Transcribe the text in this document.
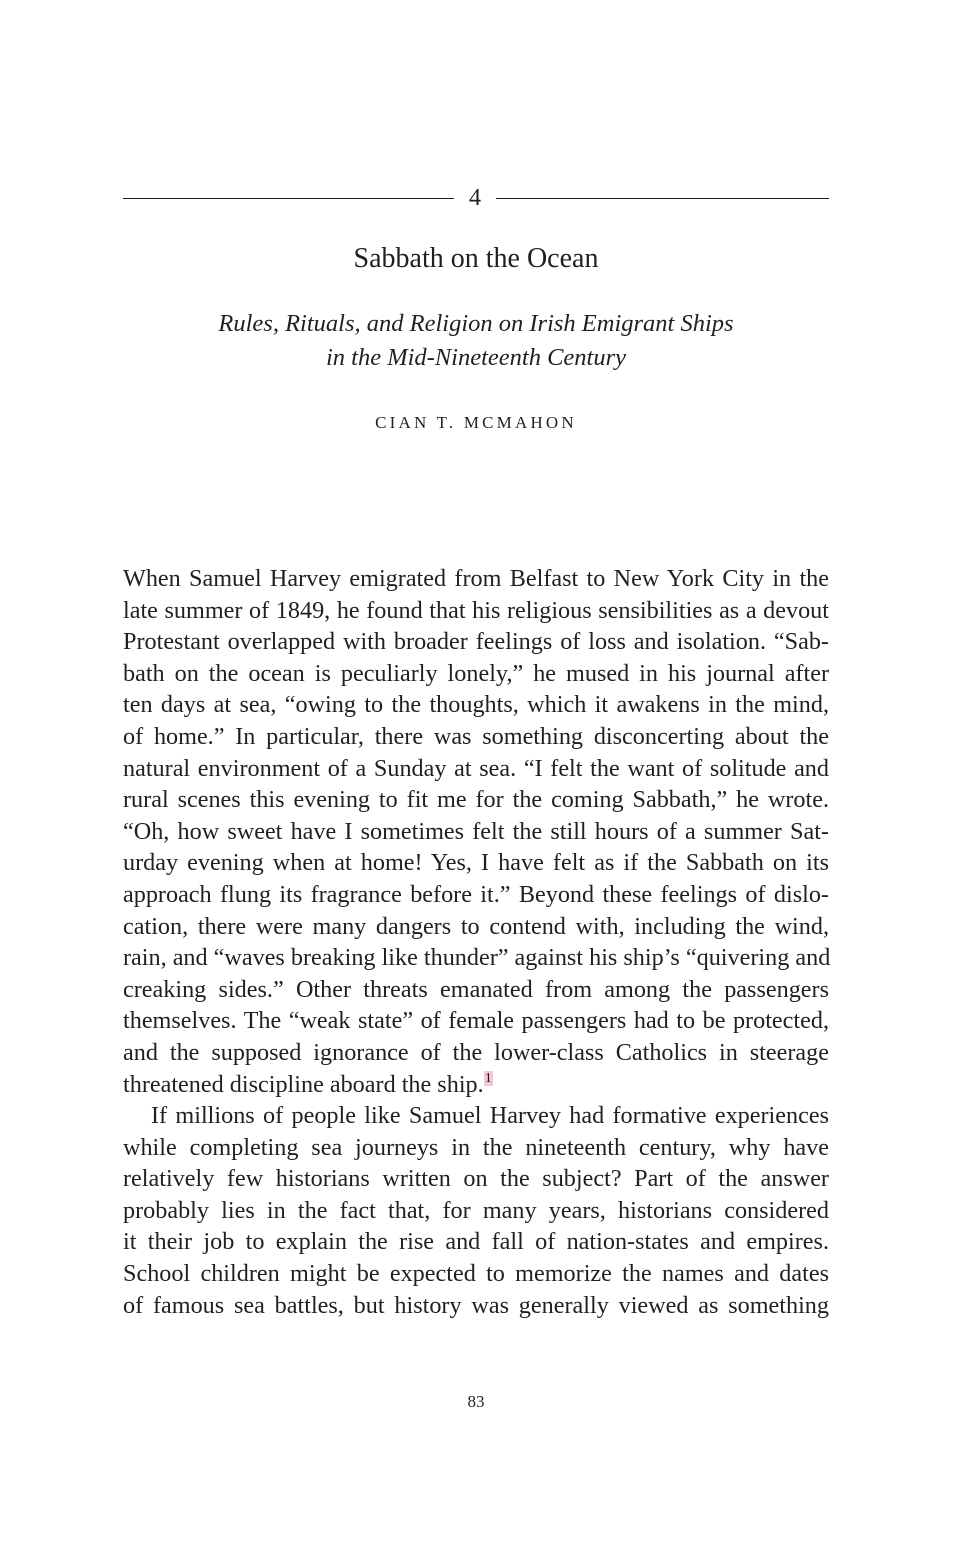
4
Sabbath on the Ocean
Rules, Rituals, and Religion on Irish Emigrant Ships
in the Mid-Nineteenth Century
CIAN T. MCMAHON
When Samuel Harvey emigrated from Belfast to New York City in the
late summer of 1849, he found that his religious sensibilities as a devout
Protestant overlapped with broader feelings of loss and isolation. “Sab-
bath on the ocean is peculiarly lonely,” he mused in his journal after
ten days at sea, “owing to the thoughts, which it awakens in the mind,
of home.” In particular, there was something disconcerting about the
natural environment of a Sunday at sea. “I felt the want of solitude and
rural scenes this evening to fit me for the coming Sabbath,” he wrote.
“Oh, how sweet have I sometimes felt the still hours of a summer Sat-
urday evening when at home! Yes, I have felt as if the Sabbath on its
approach flung its fragrance before it.” Beyond these feelings of dislo-
cation, there were many dangers to contend with, including the wind,
rain, and “waves breaking like thunder” against his ship’s “quivering and
creaking sides.” Other threats emanated from among the passengers
themselves. The “weak state” of female passengers had to be protected,
and the supposed ignorance of the lower-class Catholics in steerage
threatened discipline aboard the ship.$^1$
If millions of people like Samuel Harvey had formative experiences
while completing sea journeys in the nineteenth century, why have
relatively few historians written on the subject? Part of the answer
probably lies in the fact that, for many years, historians considered
it their job to explain the rise and fall of nation-states and empires.
School children might be expected to memorize the names and dates
of famous sea battles, but history was generally viewed as something
83
